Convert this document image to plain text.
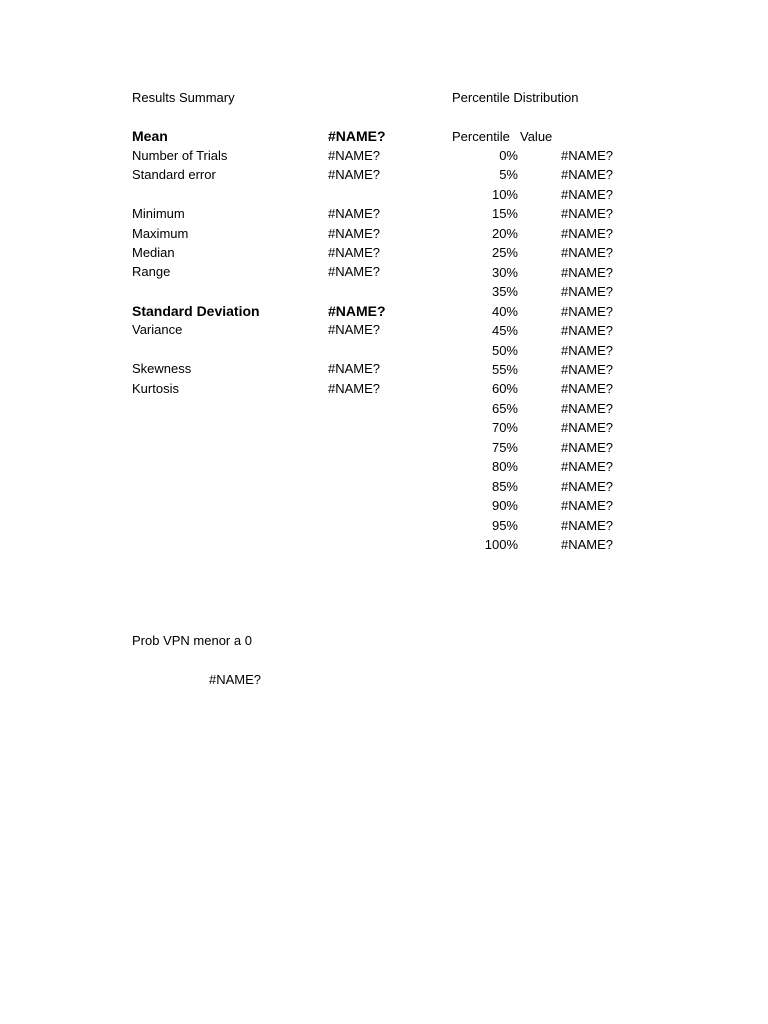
Results Summary
Mean	#NAME?
Number of Trials	#NAME?
Standard error	#NAME?
Minimum	#NAME?
Maximum	#NAME?
Median	#NAME?
Range	#NAME?
Standard Deviation	#NAME?
Variance	#NAME?
Skewness	#NAME?
Kurtosis	#NAME?
Percentile Distribution
Percentile Value
0%	#NAME?
5%	#NAME?
10%	#NAME?
15%	#NAME?
20%	#NAME?
25%	#NAME?
30%	#NAME?
35%	#NAME?
40%	#NAME?
45%	#NAME?
50%	#NAME?
55%	#NAME?
60%	#NAME?
65%	#NAME?
70%	#NAME?
75%	#NAME?
80%	#NAME?
85%	#NAME?
90%	#NAME?
95%	#NAME?
100%	#NAME?
Prob VPN menor a 0
#NAME?
